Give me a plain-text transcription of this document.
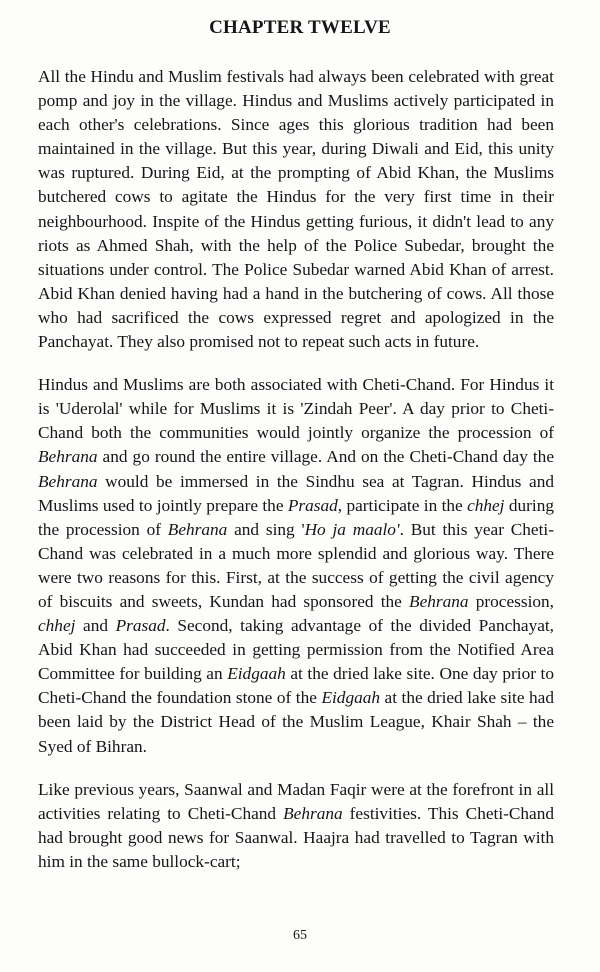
CHAPTER TWELVE

All the Hindu and Muslim festivals had always been celebrated with great pomp and joy in the village. Hindus and Muslims actively participated in each other's celebrations. Since ages this glorious tradition had been maintained in the village. But this year, during Diwali and Eid, this unity was ruptured. During Eid, at the prompting of Abid Khan, the Muslims butchered cows to agitate the Hindus for the very first time in their neighbourhood. Inspite of the Hindus getting furious, it didn't lead to any riots as Ahmed Shah, with the help of the Police Subedar, brought the situations under control. The Police Subedar warned Abid Khan of arrest. Abid Khan denied having had a hand in the butchering of cows. All those who had sacrificed the cows expressed regret and apologized in the Panchayat. They also promised not to repeat such acts in future.

Hindus and Muslims are both associated with Cheti-Chand. For Hindus it is 'Uderolal' while for Muslims it is 'Zindah Peer'. A day prior to Cheti-Chand both the communities would jointly organize the procession of Behrana and go round the entire village. And on the Cheti-Chand day the Behrana would be immersed in the Sindhu sea at Tagran. Hindus and Muslims used to jointly prepare the Prasad, participate in the chhej during the procession of Behrana and sing 'Ho ja maalo'. But this year Cheti-Chand was celebrated in a much more splendid and glorious way. There were two reasons for this. First, at the success of getting the civil agency of biscuits and sweets, Kundan had sponsored the Behrana procession, chhej and Prasad. Second, taking advantage of the divided Panchayat, Abid Khan had succeeded in getting permission from the Notified Area Committee for building an Eidgaah at the dried lake site. One day prior to Cheti-Chand the foundation stone of the Eidgaah at the dried lake site had been laid by the District Head of the Muslim League, Khair Shah – the Syed of Bihran.

Like previous years, Saanwal and Madan Faqir were at the forefront in all activities relating to Cheti-Chand Behrana festivities. This Cheti-Chand had brought good news for Saanwal. Haajra had travelled to Tagran with him in the same bullock-cart;

65
